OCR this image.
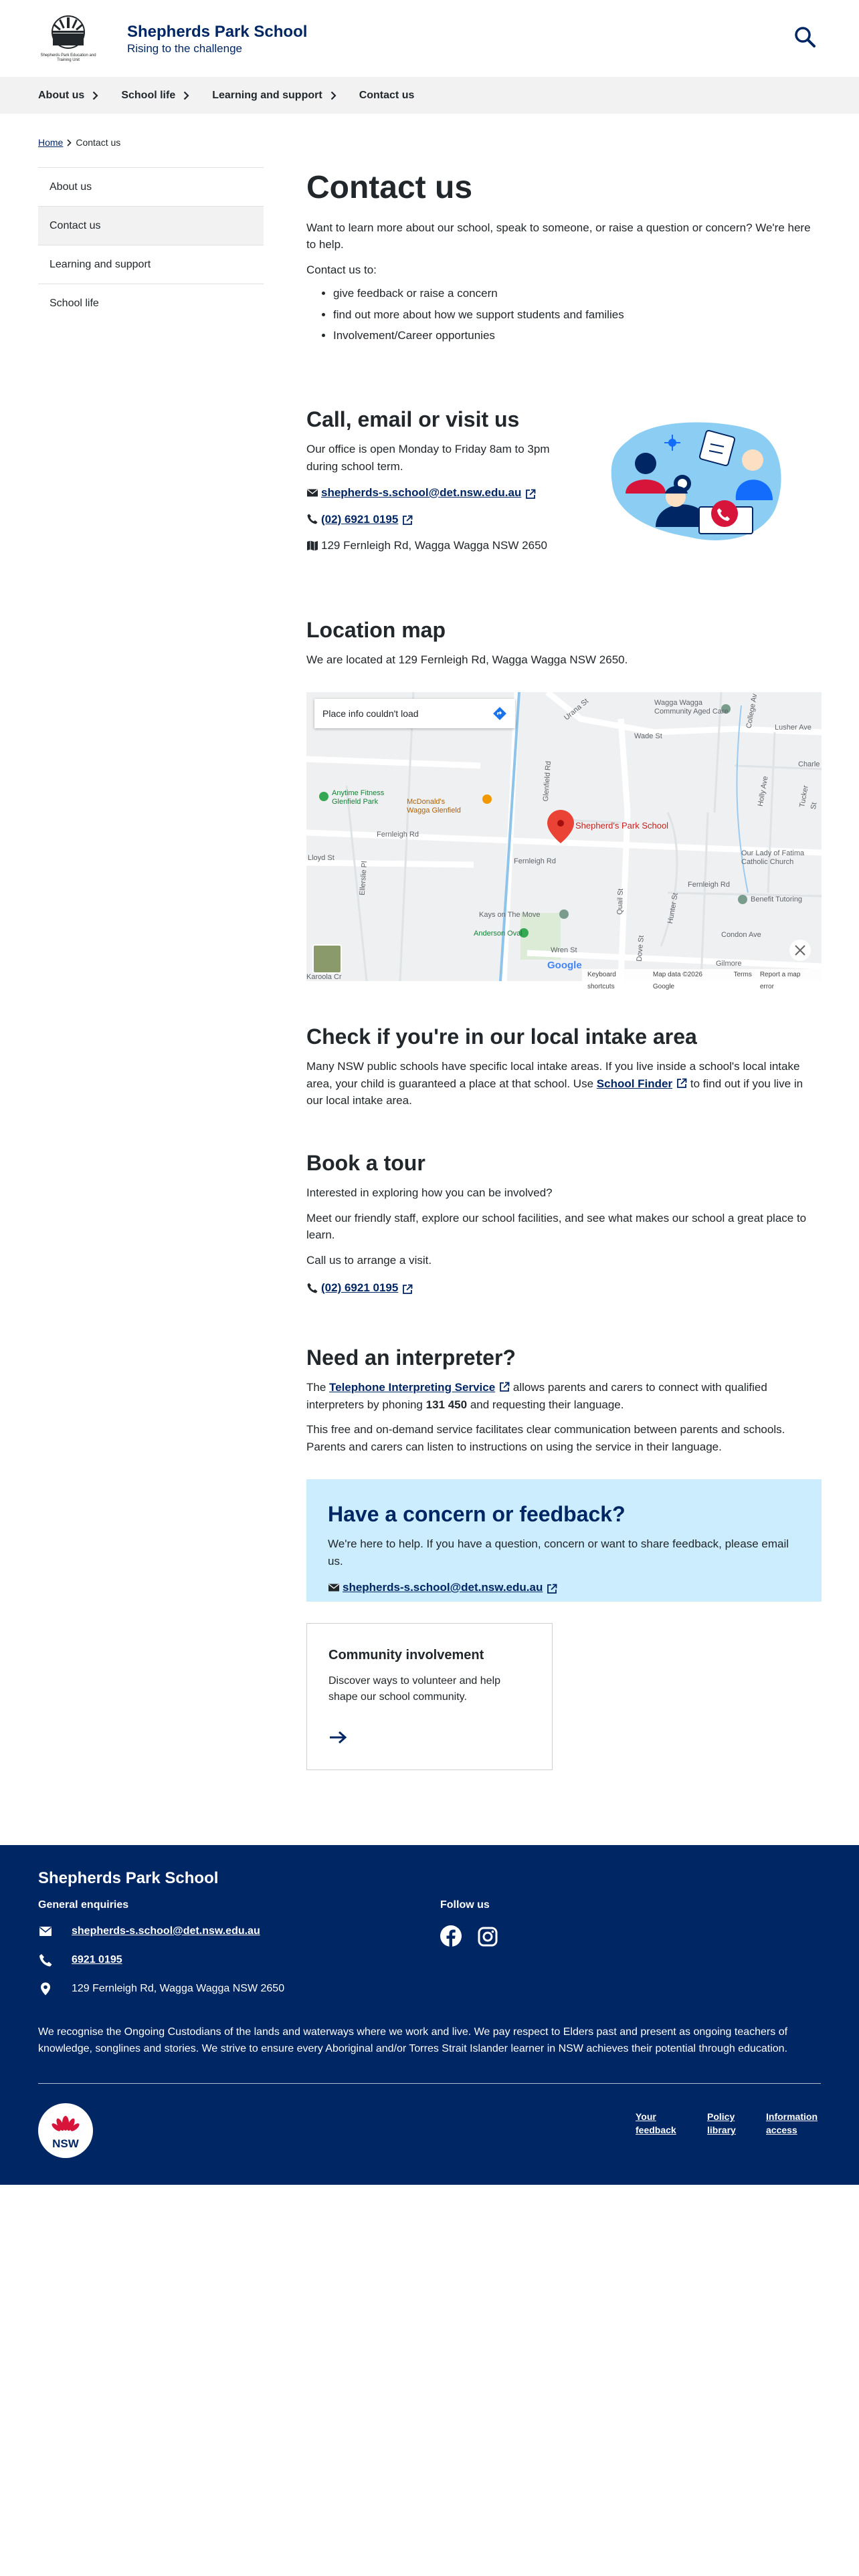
Shepherds Park Education and Training Unit
Shepherds Park School
Rising to the challenge
About us	School life	Learning and support	Contact us
Home Contact us
About us
Contact us
Learning and support
School life
Contact us

Want to learn more about our school, speak to someone, or raise a question or concern? We're here to help.

Contact us to:

• give feedback or raise a concern
• find out more about how we support students and families
• Involvement/Career opportunies
Call, email or visit us

Our office is open Monday to Friday 8am to 3pm during school term.

shepherds-s.school@det.nsw.edu.au
(02) 6921 0195
129 Fernleigh Rd, Wagga Wagga NSW 2650
Location map

We are located at 129 Fernleigh Rd, Wagga Wagga NSW 2650.

Place info couldn't load
Shepherd's Park School
Urana St	Wagga Wagga
Community Aged Care College Av Lusher Ave
Wade St
Charle
Tucker St
Holly Ave
Anytime Fitness
Glenfield Park	McDonald's
Wagga Glenfield
Glenfield Rd
Fernleigh Rd
Fernleigh Rd
Fernleigh Rd
Our Lady of Fatima
Catholic Church
Benefit Tutoring
Condon Ave
Quail St	Hunter St
Kays on The Move
Anderson Oval
Wren St	Dove St
Gilmore
Karoola Cr
Lloyd St
Ellerslie Pl
Google
Keyboard shortcuts
Map data ©2026 Google
Terms Report a map error
Check if you're in our local intake area

Many NSW public schools have specific local intake areas. If you live inside a school's local intake area, your child is guaranteed a place at that school. Use School Finder to find out if you live in our local intake area.

Book a tour

Interested in exploring how you can be involved?

Meet our friendly staff, explore our school facilities, and see what makes our school a great place to learn.

Call us to arrange a visit.

(02) 6921 0195
Need an interpreter?

The Telephone Interpreting Service allows parents and carers to connect with qualified interpreters by phoning 131 450 and requesting their language.

This free and on-demand service facilitates clear communication between parents and schools. Parents and carers can listen to instructions on using the service in their language.

Have a concern or feedback?

We're here to help. If you have a question, concern or want to share feedback, please email us.

shepherds-s.school@det.nsw.edu.au
Community involvement

Discover ways to volunteer and help shape our school community.

Shepherds Park School
General enquiries	Follow us
shepherds-s.school@det.nsw.edu.au
6921 0195
129 Fernleigh Rd, Wagga Wagga NSW 2650
We recognise the Ongoing Custodians of the lands and waterways where we work and live. We pay respect to Elders past and present as ongoing teachers of knowledge, songlines and stories. We strive to ensure every Aboriginal and/or Torres Strait Islander learner in NSW achieves their potential through education.
NSW
Your feedback
Policy library
Information access
